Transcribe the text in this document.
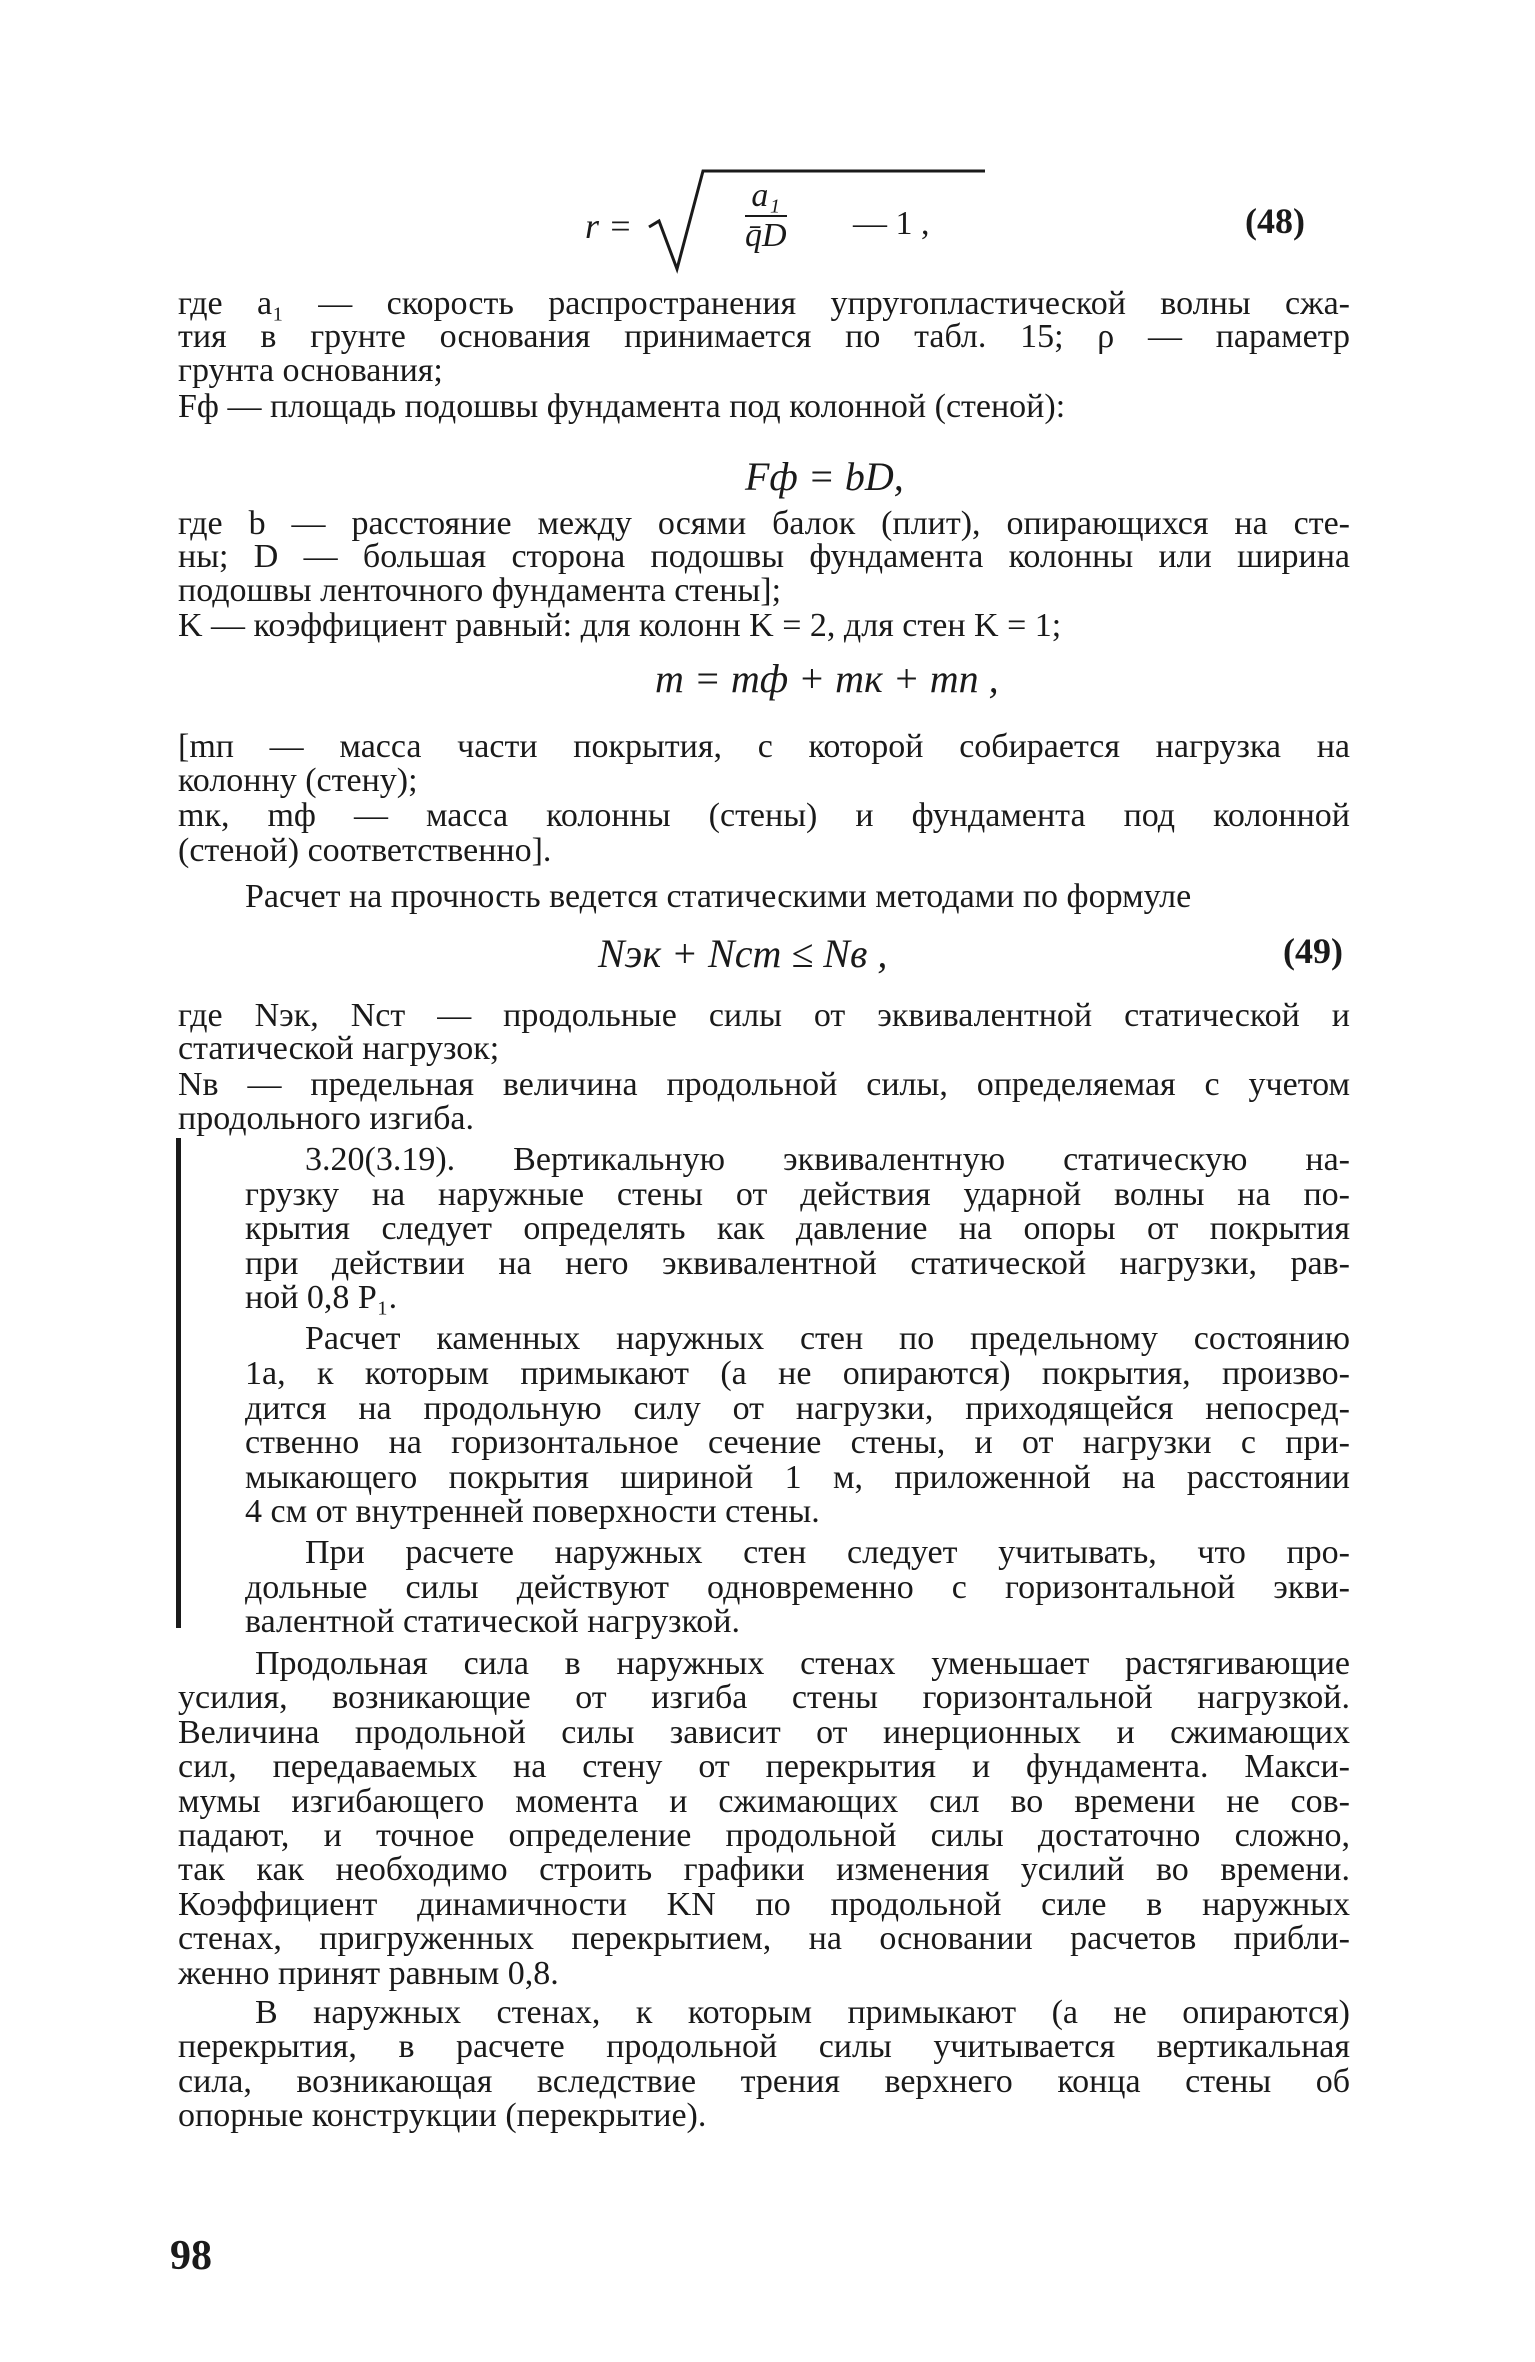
r =	$\frac{\text{a₁}}{q̄D}$ — 1 ,	(48)
где a₁ — скорость распространения упругопластической волны сжа-
тия в грунте основания принимается по табл. 15; ρ — параметр
грунта основания;
Fф — площадь подошвы фундамента под колонной (стеной):
где b — расстояние между осями балок (плит), опирающихся на сте-
ны; D — большая сторона подошвы фундамента колонны или ширина
подошвы ленточного фундамента стены];
K — коэффициент равный: для колонн K = 2, для стен K = 1;
[mп — масса части покрытия, с которой собирается нагрузка на
колонну (стену);
mк, mф — масса колонны (стены) и фундамента под колонной
(стеной) соответственно].
Расчет на прочность ведется статическими методами по формуле
где Nэк, Nст — продольные силы от эквивалентной статической и
статической нагрузок;
Nв — предельная величина продольной силы, определяемая с учетом
продольного изгиба.
3.20(3.19). Вертикальную эквивалентную статическую на-
грузку на наружные стены от действия ударной волны на по-
крытия следует определять как давление на опоры от покрытия
при действии на него эквивалентной статической нагрузки, рав-
ной 0,8 P₁.
Расчет каменных наружных стен по предельному состоянию
1а, к которым примыкают (а не опираются) покрытия, произво-
дится на продольную силу от нагрузки, приходящейся непосред-
ственно на горизонтальное сечение стены, и от нагрузки с при-
мыкающего покрытия шириной 1 м, приложенной на расстоянии
4 см от внутренней поверхности стены.
При расчете наружных стен следует учитывать, что про-
дольные силы действуют одновременно с горизонтальной экви-
валентной статической нагрузкой.
Продольная сила в наружных стенах уменьшает растягивающие
усилия, возникающие от изгиба стены горизонтальной нагрузкой.
Величина продольной силы зависит от инерционных и сжимающих
сил, передаваемых на стену от перекрытия и фундамента. Макси-
мумы изгибающего момента и сжимающих сил во времени не сов-
падают, и точное определение продольной силы достаточно сложно,
так как необходимо строить графики изменения усилий во времени.
Коэффициент динамичности KN по продольной силе в наружных
стенах, пригруженных перекрытием, на основании расчетов прибли-
женно принят равным 0,8.
В наружных стенах, к которым примыкают (а не опираются)
перекрытия, в расчете продольной силы учитывается вертикальная
сила, возникающая вследствие трения верхнего конца стены об
опорные конструкции (перекрытие).
Fф = bD,
m = mф + mк + mп ,
Nэк + Nст ≤ Nв ,	(49)
98
